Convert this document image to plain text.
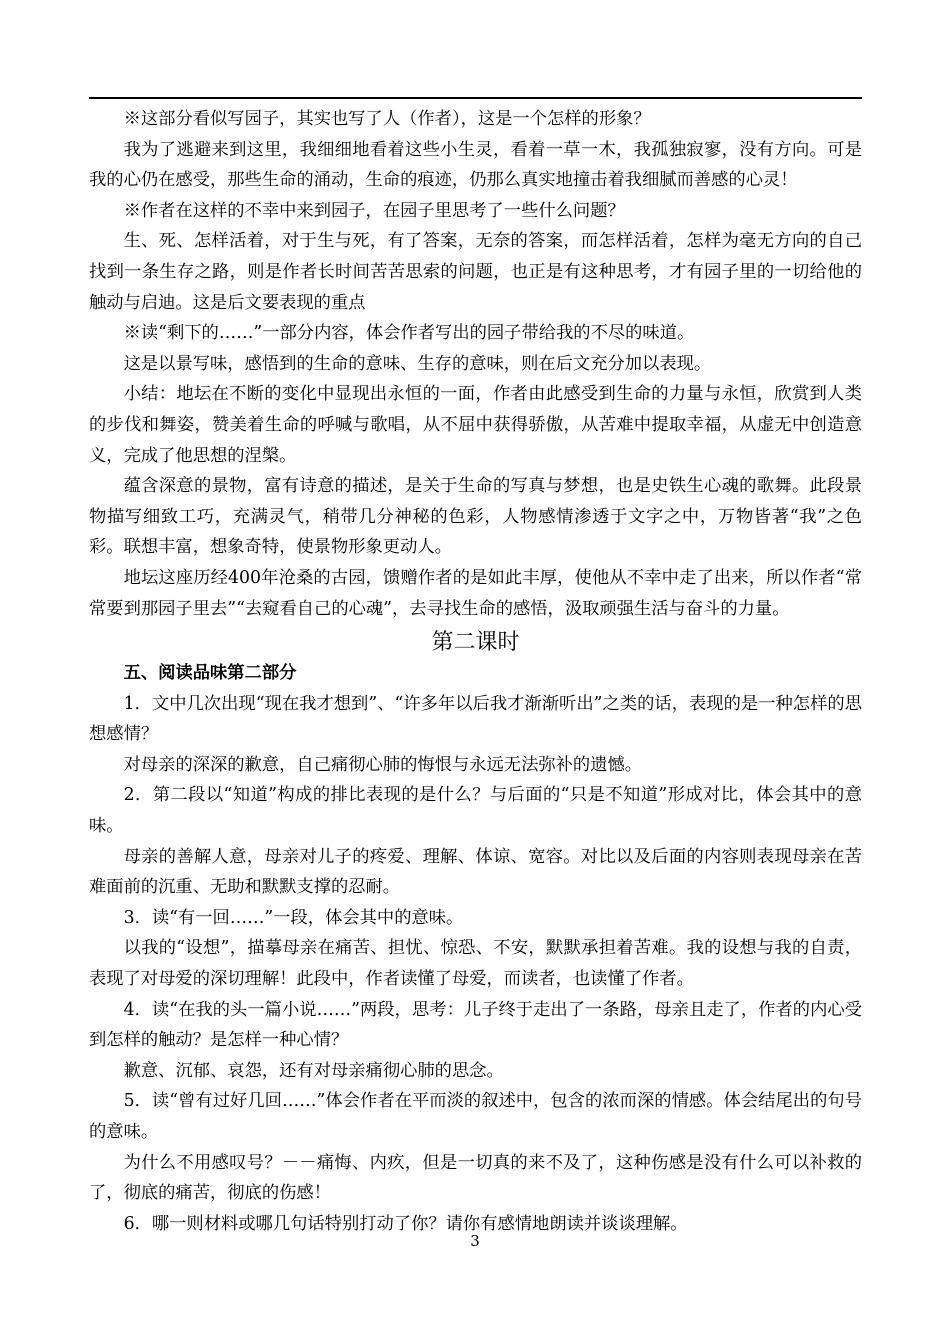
※这部分看似写园子，其实也写了人（作者），这是一个怎样的形象？

我为了逃避来到这里，我细细地看着这些小生灵，看着一草一木，我孤独寂寥，没有方向。可是我的心仍在感受，那些生命的涌动，生命的痕迹，仍那么真实地撞击着我细腻而善感的心灵！

※作者在这样的不幸中来到园子，在园子里思考了一些什么问题？

生、死、怎样活着，对于生与死，有了答案，无奈的答案，而怎样活着，怎样为毫无方向的自己找到一条生存之路，则是作者长时间苦苦思索的问题，也正是有这种思考，才有园子里的一切给他的触动与启迪。这是后文要表现的重点

※读“剩下的……”一部分内容，体会作者写出的园子带给我的不尽的味道。

这是以景写味，感悟到的生命的意味、生存的意味，则在后文充分加以表现。

小结：地坛在不断的变化中显现出永恒的一面，作者由此感受到生命的力量与永恒，欣赏到人类的步伐和舞姿，赞美着生命的呼喊与歌唱，从不屈中获得骄傲，从苦难中提取幸福，从虚无中创造意义，完成了他思想的涅槃。

蕴含深意的景物，富有诗意的描述，是关于生命的写真与梦想，也是史铁生心魂的歌舞。此段景物描写细致工巧，充满灵气，稍带几分神秘的色彩，人物感情渗透于文字之中，万物皆著“我”之色彩。联想丰富，想象奇特，使景物形象更动人。

地坛这座历经400年沧桑的古园，馈赠作者的是如此丰厚，使他从不幸中走了出来，所以作者“常常要到那园子里去”“去窥看自己的心魂”，去寻找生命的感悟，汲取顽强生活与奋斗的力量。

第二课时
五、阅读品味第二部分

1．文中几次出现“现在我才想到”、“许多年以后我才渐渐听出”之类的话，表现的是一种怎样的思想感情？

对母亲的深深的歉意，自己痛彻心肺的悔恨与永远无法弥补的遗憾。

2．第二段以“知道”构成的排比表现的是什么？与后面的“只是不知道”形成对比，体会其中的意味。

母亲的善解人意，母亲对儿子的疼爱、理解、体谅、宽容。对比以及后面的内容则表现母亲在苦难面前的沉重、无助和默默支撑的忍耐。

3．读“有一回……”一段，体会其中的意味。

以我的“设想”，描摹母亲在痛苦、担忧、惊恐、不安，默默承担着苦难。我的设想与我的自责，表现了对母爱的深切理解！此段中，作者读懂了母爱，而读者，也读懂了作者。

4．读“在我的头一篇小说……”两段，思考：儿子终于走出了一条路，母亲且走了，作者的内心受到怎样的触动？是怎样一种心情？

歉意、沉郁、哀怨，还有对母亲痛彻心肺的思念。

5．读“曾有过好几回……”体会作者在平而淡的叙述中，包含的浓而深的情感。体会结尾出的句号的意味。

为什么不用感叹号？－－痛悔、内疚，但是一切真的来不及了，这种伤感是没有什么可以补救的了，彻底的痛苦，彻底的伤感！

6．哪一则材料或哪几句话特别打动了你？请你有感情地朗读并谈谈理解。

3
